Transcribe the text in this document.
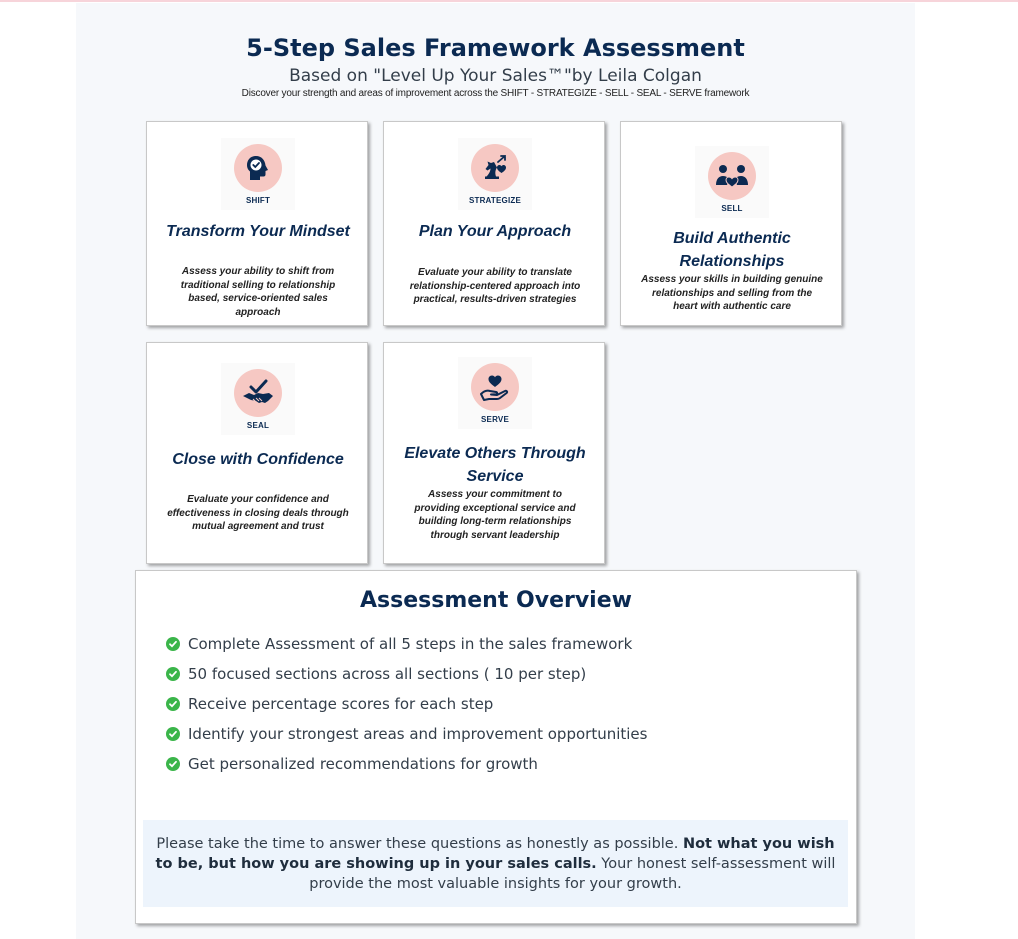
5-Step Sales Framework Assessment
Based on "Level Up Your Sales™"by Leila Colgan
Discover your strength and areas of improvement across the SHIFT - STRATEGIZE - SELL - SEAL - SERVE framework
SHIFT
Transform Your Mindset
Assess your ability to shift from traditional selling to relationship based, service-oriented sales approach
STRATEGIZE
Plan Your Approach
Evaluate your ability to translate relationship-centered approach into practical, results-driven strategies
SELL
Build Authentic Relationships
Assess your skills in building genuine relationships and selling from the heart with authentic care
SEAL
Close with Confidence
Evaluate your confidence and effectiveness in closing deals through mutual agreement and trust
SERVE
Elevate Others Through Service
Assess your commitment to providing exceptional service and building long-term relationships through servant leadership
Assessment Overview
Complete Assessment of all 5 steps in the sales framework
50 focused sections across all sections ( 10 per step)
Receive percentage scores for each step
Identify your strongest areas and improvement opportunities
Get personalized recommendations for growth
Please take the time to answer these questions as honestly as possible. Not what you wish to be, but how you are showing up in your sales calls. Your honest self-assessment will provide the most valuable insights for your growth.
